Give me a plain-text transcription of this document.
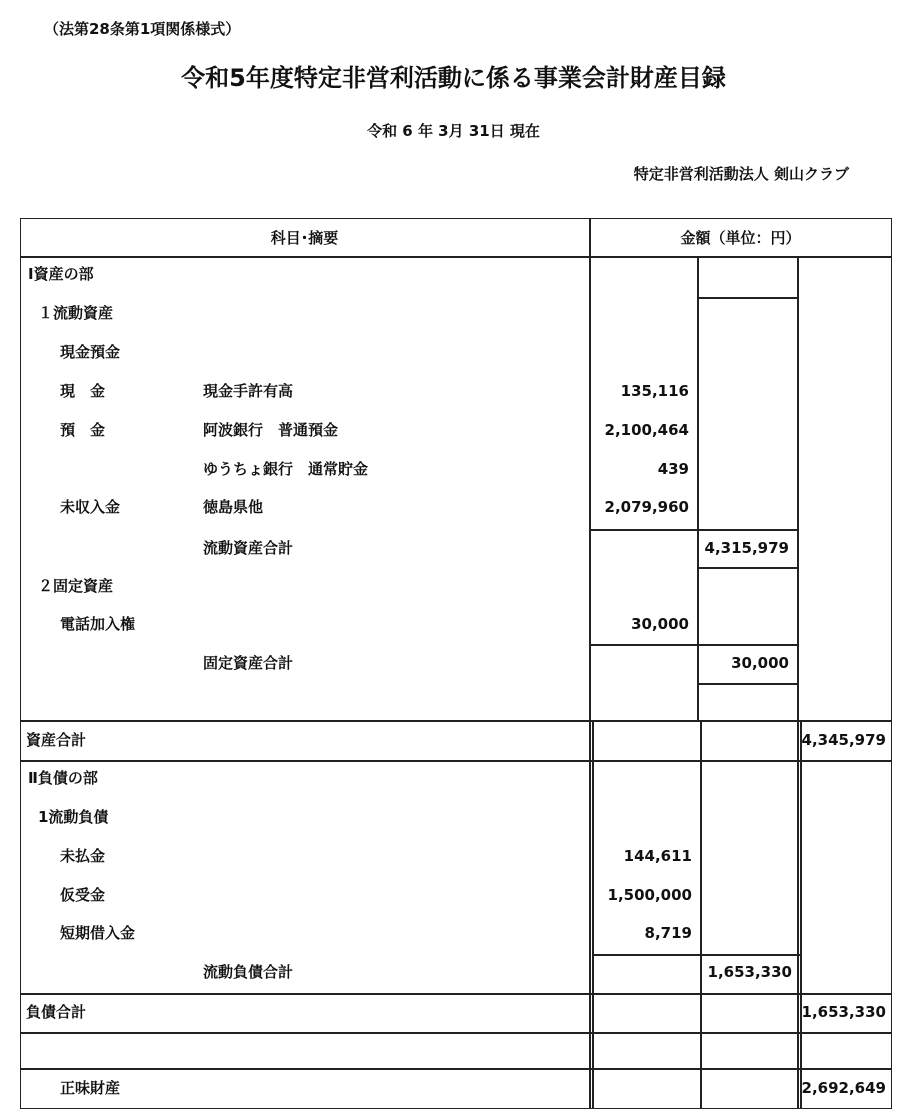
（法第28条第1項関係様式）
令和5年度特定非営利活動に係る事業会計財産目録
令和 6 年 3月 31日 現在
特定非営利活動法人 剣山クラブ
科目･摘要	金額（単位：円）
Ⅰ資産の部
１流動資産
現金預金
現　金	現金手許有高	135,116
預　金	阿波銀行　普通預金	2,100,464
ゆうちょ銀行　通常貯金	439
未収入金	徳島県他	2,079,960
流動資産合計	4,315,979
２固定資産
電話加入権	30,000
固定資産合計	30,000
資産合計	4,345,979
Ⅱ負債の部
1流動負債
未払金	144,611
仮受金	1,500,000
短期借入金	8,719
流動負債合計	1,653,330
負債合計	1,653,330
正味財産	2,692,649
